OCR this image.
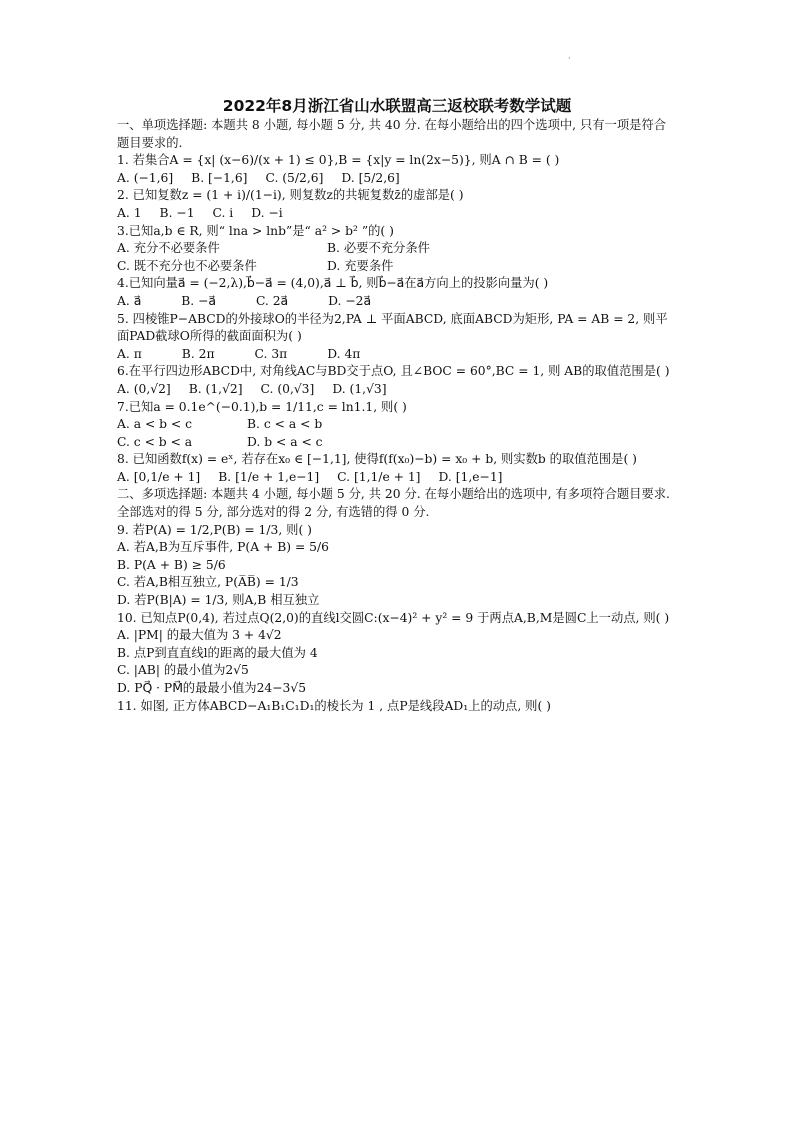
·
2022年8月浙江省山水联盟高三返校联考数学试题
一、单项选择题: 本题共 8 小题, 每小题 5 分, 共 40 分. 在每小题给出的四个选项中, 只有一项是符合题目要求的.
1. 若集合A = {x| (x−6)/(x + 1) ≤ 0},B = {x|y = ln(2x−5)}, 则A ∩ B = ( )
A. (−1,6] B. [−1,6] C. (5/2,6] D. [5/2,6]
2. 已知复数z = (1 + i)/(1−i), 则复数z的共轭复数z̄的虚部是( )
A. 1 B. −1 C. i D. −i
3.已知a,b ∈ R, 则“ lna > lnb”是“ a² > b² ”的( )
A. 充分不必要条件	B. 必要不充分条件
C. 既不充分也不必要条件	D. 充要条件
4.已知向量a⃗ = (−2,λ),b⃗−a⃗ = (4,0),a⃗ ⊥ b⃗, 则b⃗−a⃗在a⃗方向上的投影向量为( )
A. a⃗	B. −a⃗	C. 2a⃗	D. −2a⃗
5. 四棱锥P−ABCD的外接球O的半径为2,PA ⊥ 平面ABCD, 底面ABCD为矩形, PA = AB = 2, 则平面PAD截球O所得的截面面积为( )
A. π	B. 2π	C. 3π	D. 4π
6.在平行四边形ABCD中, 对角线AC与BD交于点O, 且∠BOC = 60°,BC = 1, 则 AB的取值范围是( )
A. (0,√2] B. (1,√2] C. (0,√3] D. (1,√3]
7.已知a = 0.1e^(−0.1),b = 1/11,c = ln1.1, 则( )
A. a < b < c	B. c < a < b
C. c < b < a	D. b < a < c
8. 已知函数f(x) = eˣ, 若存在x₀ ∈ [−1,1], 使得f(f(x₀)−b) = x₀ + b, 则实数b 的取值范围是( )
A. [0,1/e + 1] B. [1/e + 1,e−1] C. [1,1/e + 1] D. [1,e−1]
二、多项选择题: 本题共 4 小题, 每小题 5 分, 共 20 分. 在每小题给出的选项中, 有多项符合题目要求. 全部选对的得 5 分, 部分选对的得 2 分, 有选错的得 0 分.
9. 若P(A) = 1/2,P(B) = 1/3, 则( )
A. 若A,B为互斥事件, P(A + B) = 5/6
B. P(A + B) ≥ 5/6
C. 若A,B相互独立, P(A̅B̅) = 1/3
D. 若P(B|A) = 1/3, 则A,B 相互独立
10. 已知点P(0,4), 若过点Q(2,0)的直线l交圆C:(x−4)² + y² = 9 于两点A,B,M是圆C上一动点, 则( )
A. |PM| 的最大值为 3 + 4√2
B. 点P到直直线l的距离的最大值为 4
C. |AB| 的最小值为2√5
D. PQ⃗ · PM⃗的最最小值为24−3√5
11. 如图, 正方体ABCD−A₁B₁C₁D₁的棱长为 1 , 点P是线段AD₁上的动点, 则( )
